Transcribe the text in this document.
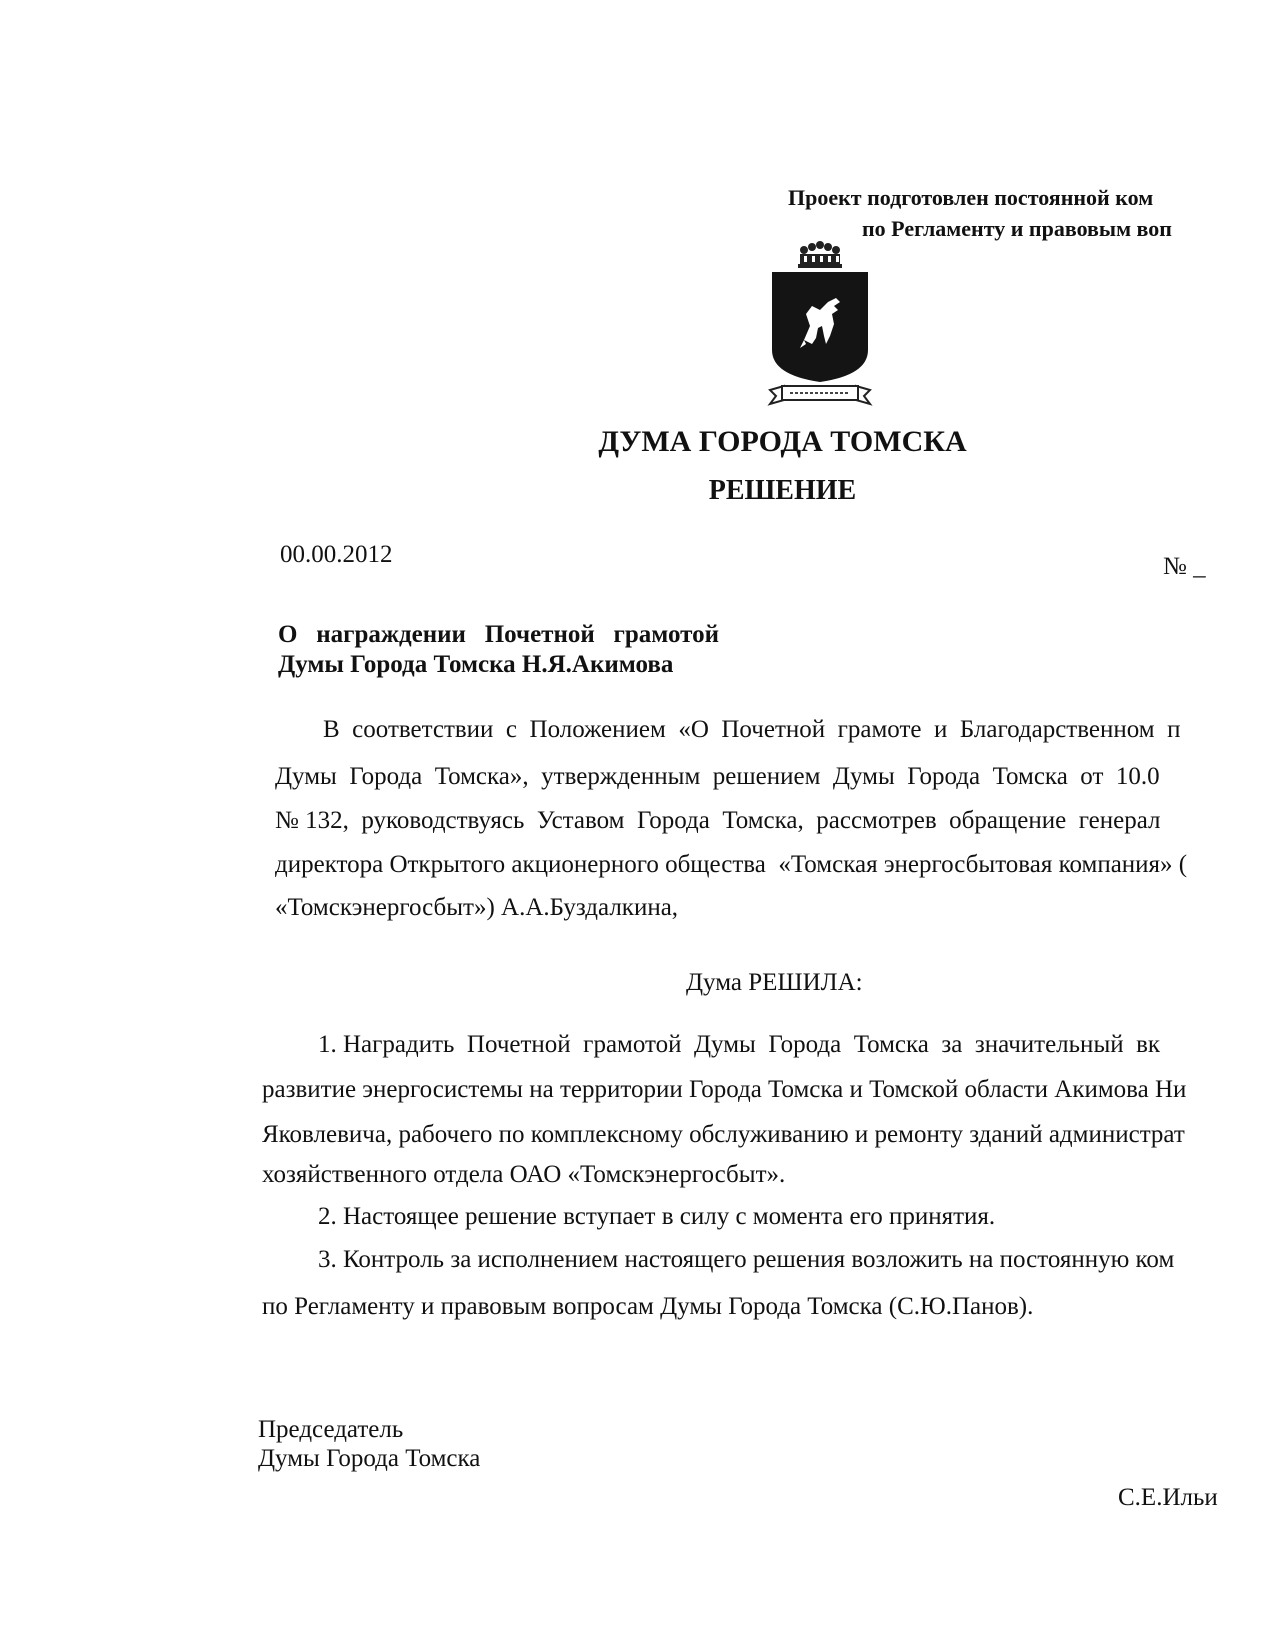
Проект подготовлен постоянной ком
по Регламенту и правовым воп
ДУМА ГОРОДА ТОМСКА
РЕШЕНИЕ
00.00.2012	№ _
О   награждении   Почетной   грамотой
Думы Города Томска Н.Я.Акимова
В  соответствии  с  Положением  «О  Почетной  грамоте  и  Благодарственном  п
Думы  Города  Томска»,  утвержденным  решением  Думы  Города  Томска  от  10.0
№ 132,  руководствуясь  Уставом  Города  Томска,  рассмотрев  обращение  генерал
директора Открытого акционерного общества  «Томская энергосбытовая компания» (
«Томскэнергосбыт») А.А.Буздалкина,
Дума РЕШИЛА:
1. Наградить  Почетной  грамотой  Думы  Города  Томска  за  значительный  вк
развитие энергосистемы на территории Города Томска и Томской области Акимова Ни
Яковлевича, рабочего по комплексному обслуживанию и ремонту зданий администрат
хозяйственного отдела ОАО «Томскэнергосбыт».
2. Настоящее решение вступает в силу с момента его принятия.
3. Контроль за исполнением настоящего решения возложить на постоянную ком
по Регламенту и правовым вопросам Думы Города Томска (С.Ю.Панов).
Председатель
Думы Города Томска
С.Е.Ильи
